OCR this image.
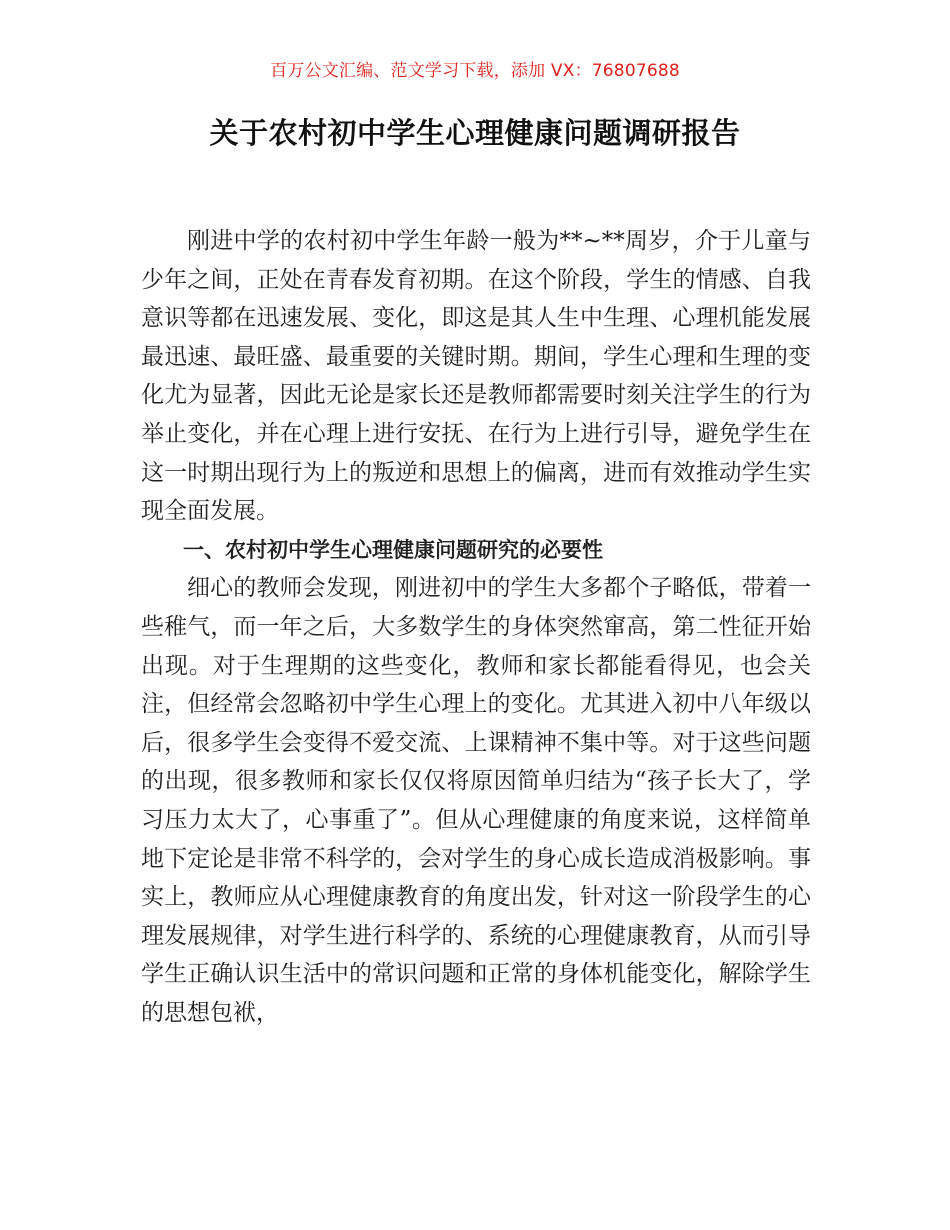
百万公文汇编、范文学习下载，添加 VX：76807688
关于农村初中学生心理健康问题调研报告

刚进中学的农村初中学生年龄一般为**~**周岁，介于儿童与少年之间，正处在青春发育初期。在这个阶段，学生的情感、自我意识等都在迅速发展、变化，即这是其人生中生理、心理机能发展最迅速、最旺盛、最重要的关键时期。期间，学生心理和生理的变化尤为显著，因此无论是家长还是教师都需要时刻关注学生的行为举止变化，并在心理上进行安抚、在行为上进行引导，避免学生在这一时期出现行为上的叛逆和思想上的偏离，进而有效推动学生实现全面发展。

一、农村初中学生心理健康问题研究的必要性

细心的教师会发现，刚进初中的学生大多都个子略低，带着一些稚气，而一年之后，大多数学生的身体突然窜高，第二性征开始出现。对于生理期的这些变化，教师和家长都能看得见，也会关注，但经常会忽略初中学生心理上的变化。尤其进入初中八年级以后，很多学生会变得不爱交流、上课精神不集中等。对于这些问题的出现，很多教师和家长仅仅将原因简单归结为“孩子长大了，学习压力太大了，心事重了”。但从心理健康的角度来说，这样简单地下定论是非常不科学的，会对学生的身心成长造成消极影响。事实上，教师应从心理健康教育的角度出发，针对这一阶段学生的心理发展规律，对学生进行科学的、系统的心理健康教育，从而引导学生正确认识生活中的常识问题和正常的身体机能变化，解除学生的思想包袱，
